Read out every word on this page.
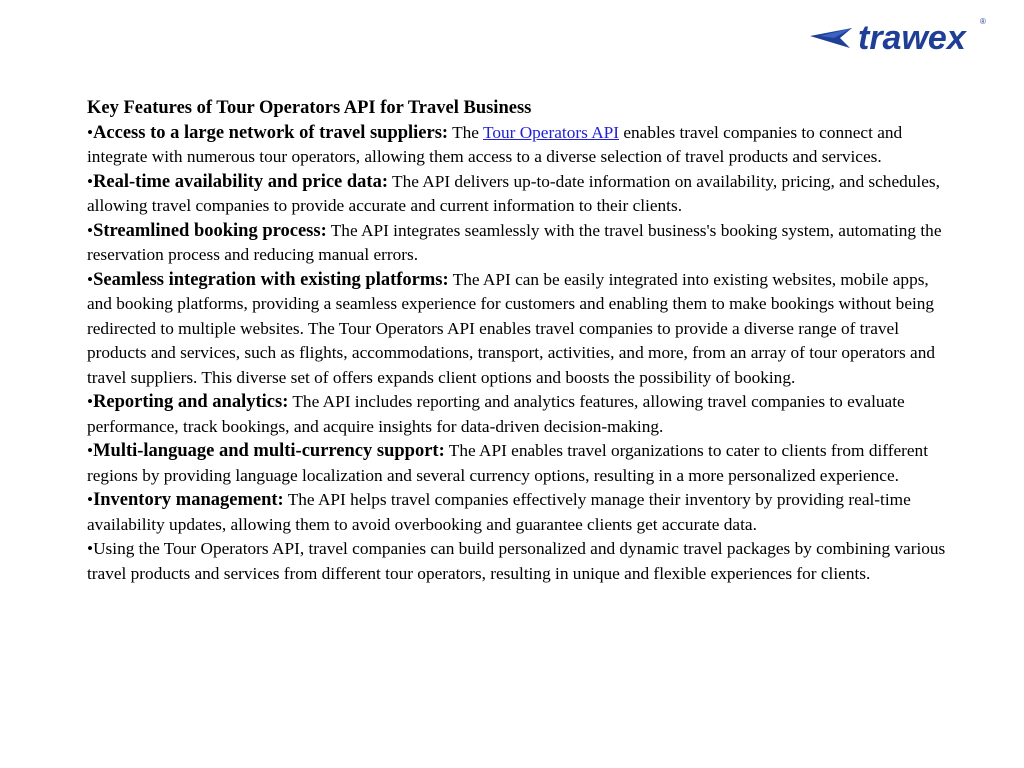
trawex ®
Key Features of Tour Operators API for Travel Business

•Access to a large network of travel suppliers: The Tour Operators API enables travel companies to connect and integrate with numerous tour operators, allowing them access to a diverse selection of travel products and services.

•Real-time availability and price data: The API delivers up-to-date information on availability, pricing, and schedules, allowing travel companies to provide accurate and current information to their clients.

•Streamlined booking process: The API integrates seamlessly with the travel business's booking system, automating the reservation process and reducing manual errors.

•Seamless integration with existing platforms: The API can be easily integrated into existing websites, mobile apps, and booking platforms, providing a seamless experience for customers and enabling them to make bookings without being redirected to multiple websites. The Tour Operators API enables travel companies to provide a diverse range of travel products and services, such as flights, accommodations, transport, activities, and more, from an array of tour operators and travel suppliers. This diverse set of offers expands client options and boosts the possibility of booking.

•Reporting and analytics: The API includes reporting and analytics features, allowing travel companies to evaluate performance, track bookings, and acquire insights for data-driven decision-making.

•Multi-language and multi-currency support: The API enables travel organizations to cater to clients from different regions by providing language localization and several currency options, resulting in a more personalized experience.

•Inventory management: The API helps travel companies effectively manage their inventory by providing real-time availability updates, allowing them to avoid overbooking and guarantee clients get accurate data.

•Using the Tour Operators API, travel companies can build personalized and dynamic travel packages by combining various travel products and services from different tour operators, resulting in unique and flexible experiences for clients.
